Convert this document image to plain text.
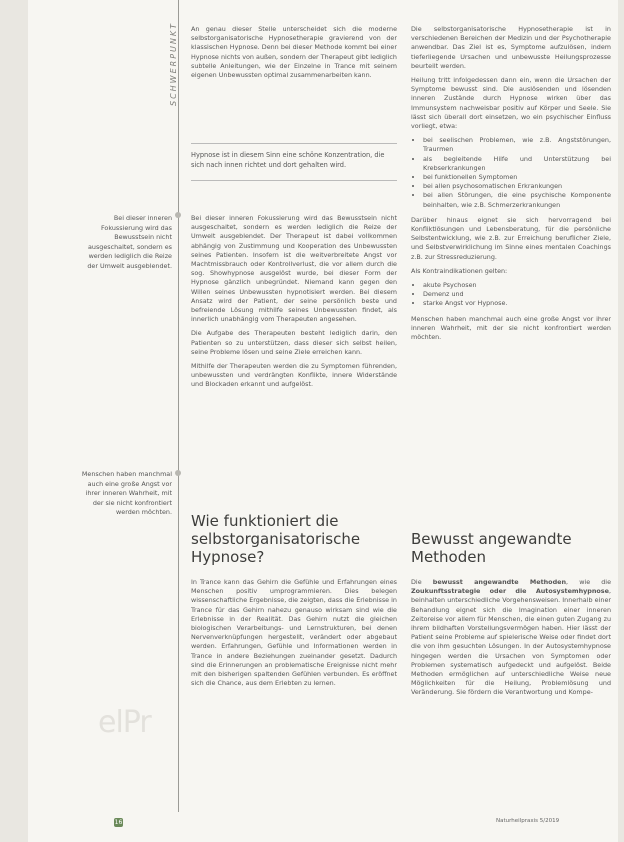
elPr
SCHWERPUNKT

Bei dieser inneren Fokussierung wird das Bewusstsein nicht ausgeschaltet, sondern es werden lediglich die Reize der Umwelt ausgeblendet.

Menschen haben manchmal auch eine große Angst vor ihrer inneren Wahrheit, mit der sie nicht konfrontiert werden möchten.

An genau dieser Stelle unterscheidet sich die moderne selbstorganisatorische Hypnosetherapie gravierend von der klassischen Hypnose. Denn bei dieser Methode kommt bei einer Hypnose nichts von außen, sondern der Therapeut gibt lediglich subtelle Anleitungen, wie der Einzelne in Trance mit seinem eigenen Unbewussten optimal zusammenarbeiten kann.

Hypnose ist in diesem Sinn eine schöne Konzentration, die sich nach innen richtet und dort gehalten wird.

Bei dieser inneren Fokussierung wird das Bewusstsein nicht ausgeschaltet, sondern es werden lediglich die Reize der Umwelt ausgeblendet. Der Therapeut ist dabei vollkommen abhängig von Zustimmung und Kooperation des Unbewussten seines Patienten. Insofern ist die weitverbreitete Angst vor Machtmissbrauch oder Kontrollverlust, die vor allem durch die sog. Showhypnose ausgelöst wurde, bei dieser Form der Hypnose gänzlich unbegründet. Niemand kann gegen den Willen seines Unbewussten hypnotisiert werden. Bei diesem Ansatz wird der Patient, der seine persönlich beste und befreiende Lösung mithilfe seines Unbewussten findet, als innerlich unabhängig vom Therapeuten angesehen.

Die Aufgabe des Therapeuten besteht lediglich darin, den Patienten so zu unterstützen, dass dieser sich selbst heilen, seine Probleme lösen und seine Ziele erreichen kann.

Mithilfe der Therapeuten werden die zu Symptomen führenden, unbewussten und verdrängten Konflikte, innere Widerstände und Blockaden erkannt und aufgelöst.

Wie funktioniert die selbstorganisatorische Hypnose?

In Trance kann das Gehirn die Gefühle und Erfahrungen eines Menschen positiv umprogrammieren. Dies belegen wissenschaftliche Ergebnisse, die zeigten, dass die Erlebnisse in Trance für das Gehirn nahezu genauso wirksam sind wie die Erlebnisse in der Realität. Das Gehirn nutzt die gleichen biologischen Verarbeitungs- und Lernstrukturen, bei denen Nervenverknüpfungen hergestellt, verändert oder abgebaut werden. Erfahrungen, Gefühle und Informationen werden in Trance in andere Beziehungen zueinander gesetzt. Dadurch sind die Erinnerungen an problematische Ereignisse nicht mehr mit den bisherigen spaltenden Gefühlen verbunden. Es eröffnet sich die Chance, aus dem Erlebten zu lernen.

Die selbstorganisatorische Hypnosetherapie ist in verschiedenen Bereichen der Medizin und der Psychotherapie anwendbar. Das Ziel ist es, Symptome aufzulösen, indem tieferliegende Ursachen und unbewusste Heilungsprozesse beurteilt werden.

Heilung tritt infolgedessen dann ein, wenn die Ursachen der Symptome bewusst sind. Die auslösenden und lösenden inneren Zustände durch Hypnose wirken über das Immunsystem nachweisbar positiv auf Körper und Seele. Sie lässt sich überall dort einsetzen, wo ein psychischer Einfluss vorliegt, etwa:

• bei seelischen Problemen, wie z.B. Angststörungen, Traurmen
• als begleitende Hilfe und Unterstützung bei Krebserkrankungen
• bei funktionellen Symptomen
• bei allen psychosomatischen Erkrankungen
• bei allen Störungen, die eine psychische Komponente beinhalten, wie z.B. Schmerzerkrankungen

Darüber hinaus eignet sie sich hervorragend bei Konfliktlösungen und Lebensberatung, für die persönliche Selbstentwicklung, wie z.B. zur Erreichung beruflicher Ziele, und Selbstverwirklichung im Sinne eines mentalen Coachings z.B. zur Stressreduzierung.

Als Kontraindikationen gelten:

• akute Psychosen
• Demenz und
• starke Angst vor Hypnose.

Menschen haben manchmal auch eine große Angst vor ihrer inneren Wahrheit, mit der sie nicht konfrontiert werden möchten.

Bewusst angewandte Methoden

Die bewusst angewandte Methoden, wie die Zoukunftsstrategie oder die Autosystemhypnose, beinhalten unterschiedliche Vorgehensweisen. Innerhalb einer Behandlung eignet sich die Imagination einer inneren Zeitoreise vor allem für Menschen, die einen guten Zugang zu ihrem bildhaften Vorstellungsvermögen haben. Hier lässt der Patient seine Probleme auf spielerische Weise oder findet dort die von ihm gesuchten Lösungen. In der Autosystemhypnose hingegen werden die Ursachen von Symptomen oder Problemen systematisch aufgedeckt und aufgelöst. Beide Methoden ermöglichen auf unterschiedliche Weise neue Möglichkeiten für die Heilung, Problemlösung und Veränderung. Sie fördern die Verantwortung und Kompe-

16	Naturheilpraxis 5/2019
